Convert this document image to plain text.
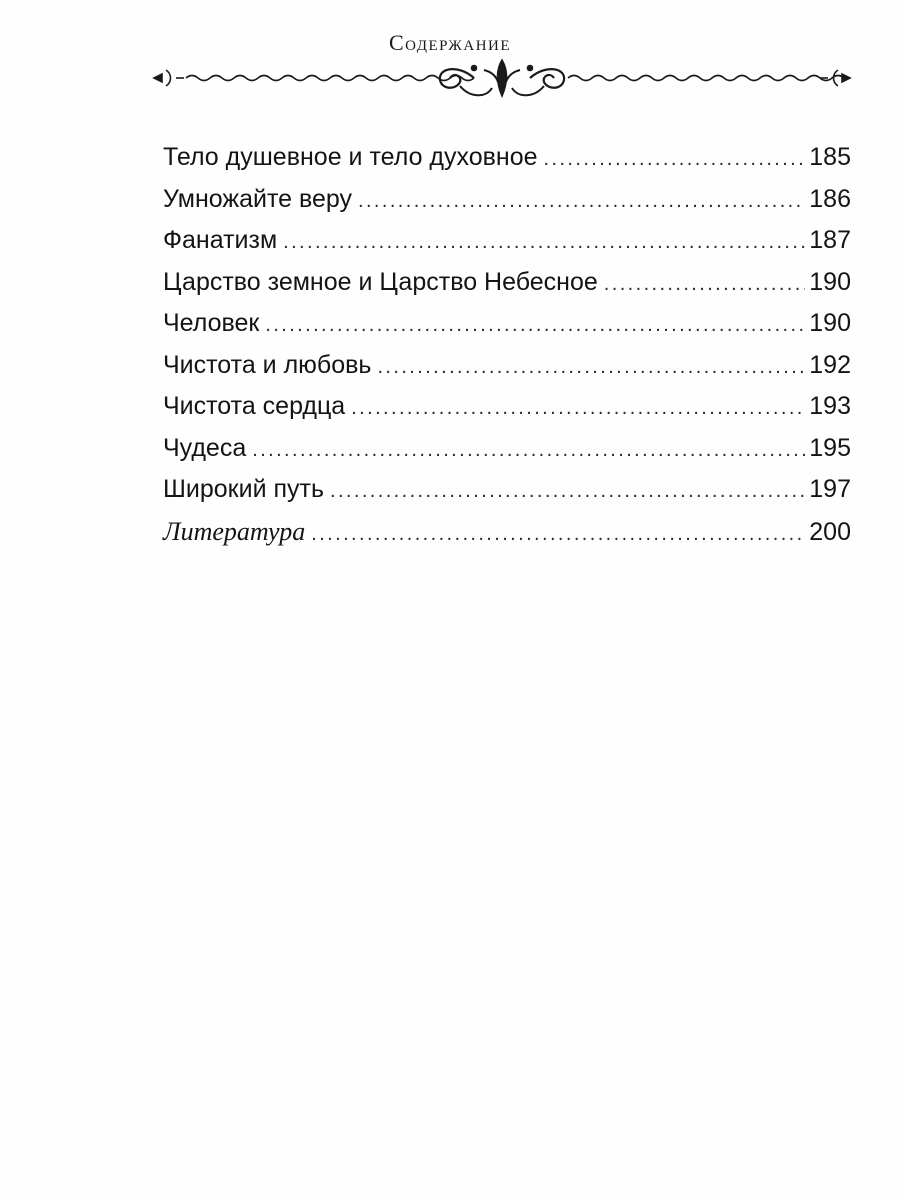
Содержание
Тело душевное и тело духовное .....	185
Умножайте веру .....	186
Фанатизм .....	187
Царство земное и Царство Небесное .....	190
Человек .....	190
Чистота и любовь .....	192
Чистота сердца .....	193
Чудеса .....	195
Широкий путь .....	197
Литература .....	200
